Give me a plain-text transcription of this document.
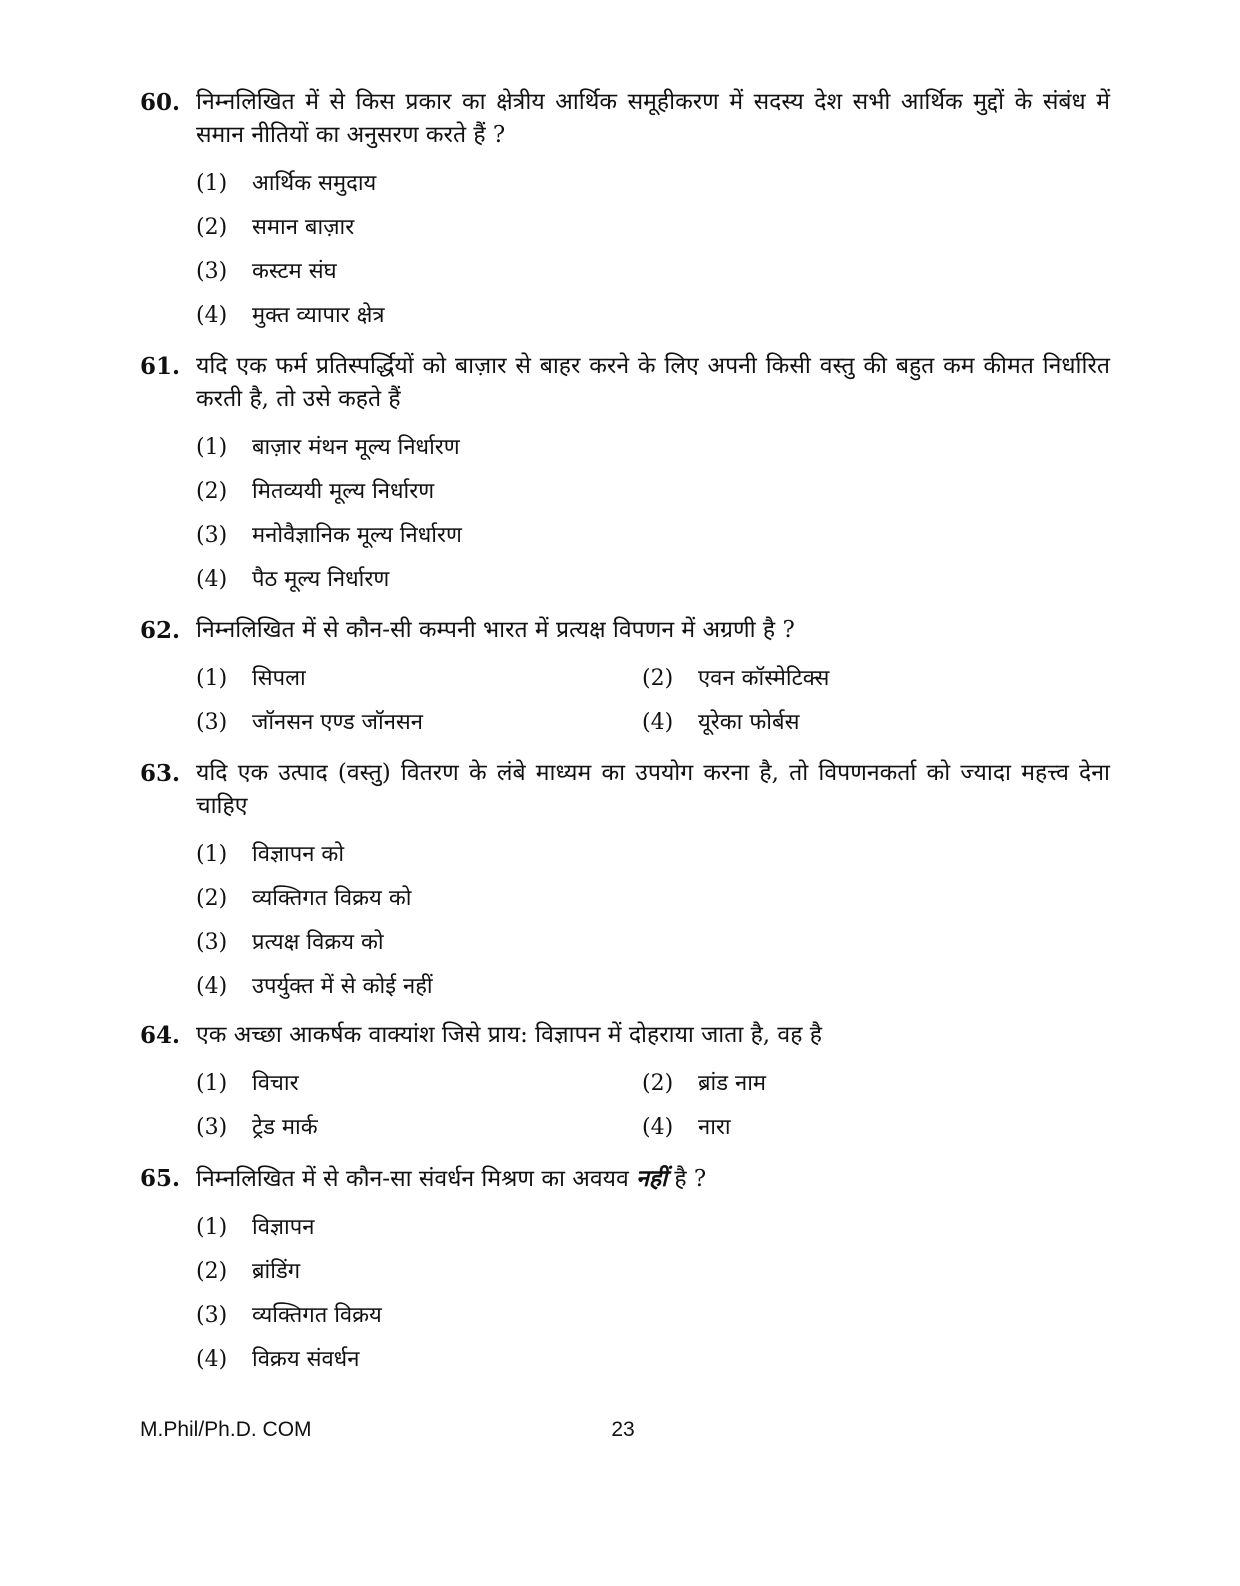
60. निम्नलिखित में से किस प्रकार का क्षेत्रीय आर्थिक समूहीकरण में सदस्य देश सभी आर्थिक मुद्दों के संबंध में समान नीतियों का अनुसरण करते हैं ?
(1)	आर्थिक समुदाय
(2)	समान बाज़ार
(3)	कस्टम संघ
(4)	मुक्त व्यापार क्षेत्र
61. यदि एक फर्म प्रतिस्पर्द्धियों को बाज़ार से बाहर करने के लिए अपनी किसी वस्तु की बहुत कम कीमत निर्धारित करती है, तो उसे कहते हैं
(1)	बाज़ार मंथन मूल्य निर्धारण
(2)	मितव्ययी मूल्य निर्धारण
(3)	मनोवैज्ञानिक मूल्य निर्धारण
(4)	पैठ मूल्य निर्धारण
62. निम्नलिखित में से कौन-सी कम्पनी भारत में प्रत्यक्ष विपणन में अग्रणी है ?
(1)	सिपला	(2)	एवन कॉस्मेटिक्स
(3)	जॉनसन एण्ड जॉनसन	(4)	यूरेका फोर्बस
63. यदि एक उत्पाद (वस्तु) वितरण के लंबे माध्यम का उपयोग करना है, तो विपणनकर्ता को ज्यादा महत्त्व देना चाहिए
(1)	विज्ञापन को
(2)	व्यक्तिगत विक्रय को
(3)	प्रत्यक्ष विक्रय को
(4)	उपर्युक्त में से कोई नहीं
64. एक अच्छा आकर्षक वाक्यांश जिसे प्राय: विज्ञापन में दोहराया जाता है, वह है
(1)	विचार	(2)	ब्रांड नाम
(3)	ट्रेड मार्क	(4)	नारा
65. निम्नलिखित में से कौन-सा संवर्धन मिश्रण का अवयव नहीं है ?
(1)	विज्ञापन
(2)	ब्रांडिंग
(3)	व्यक्तिगत विक्रय
(4)	विक्रय संवर्धन
M.Phil/Ph.D. COM	23
